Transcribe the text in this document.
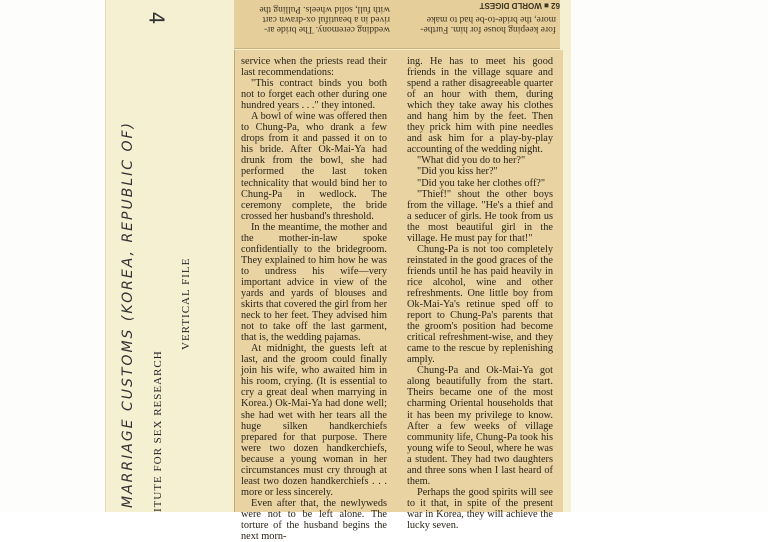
MARRIAGE CUSTOMS (KOREA, REPUBLIC OF)
4
ITUTE FOR SEX RESEARCH
VERTICAL FILE
62 ■ WORLD DIGEST
fore keeping house for him. Furthe-
more, the bride-to-be had to make
wedding ceremony. The bride ar-
rived in a beautiful ox-drawn cart
with full, solid wheels. Pulling the

service when the priests read their last recommendations:

"This contract binds you both not to forget each other during one hundred years . . ." they intoned.

A bowl of wine was offered then to Chung-Pa, who drank a few drops from it and passed it on to his bride. After Ok-Mai-Ya had drunk from the bowl, she had performed the last token technicality that would bind her to Chung-Pa in wedlock. The ceremony complete, the bride crossed her husband's threshold.

In the meantime, the mother and the mother-in-law spoke confidentially to the bridegroom. They explained to him how he was to undress his wife—very important advice in view of the yards and yards of blouses and skirts that covered the girl from her neck to her feet. They advised him not to take off the last garment, that is, the wedding pajamas.

At midnight, the guests left at last, and the groom could finally join his wife, who awaited him in his room, crying. (It is essential to cry a great deal when marrying in Korea.) Ok-Mai-Ya had done well; she had wet with her tears all the huge silken handkerchiefs prepared for that purpose. There were two dozen handkerchiefs, because a young woman in her circumstances must cry through at least two dozen handkerchiefs . . . more or less sincerely.

Even after that, the newlyweds were not to be left alone. The torture of the husband begins the next morn-

ing. He has to meet his good friends in the village square and spend a rather disagreeable quarter of an hour with them, during which they take away his clothes and hang him by the feet. Then they prick him with pine needles and ask him for a play-by-play accounting of the wedding night.

"What did you do to her?"

"Did you kiss her?"

"Did you take her clothes off?"

"Thief!" shout the other boys from the village. "He's a thief and a seducer of girls. He took from us the most beautiful girl in the village. He must pay for that!"

Chung-Pa is not too completely reinstated in the good graces of the friends until he has paid heavily in rice alcohol, wine and other refreshments. One little boy from Ok-Mai-Ya's retinue sped off to report to Chung-Pa's parents that the groom's position had become critical refreshment-wise, and they came to the rescue by replenishing amply.

Chung-Pa and Ok-Mai-Ya got along beautifully from the start. Theirs became one of the most charming Oriental households that it has been my privilege to know. After a few weeks of village community life, Chung-Pa took his young wife to Seoul, where he was a student. They had two daughters and three sons when I last heard of them.

Perhaps the good spirits will see to it that, in spite of the present war in Korea, they will achieve the lucky seven.
